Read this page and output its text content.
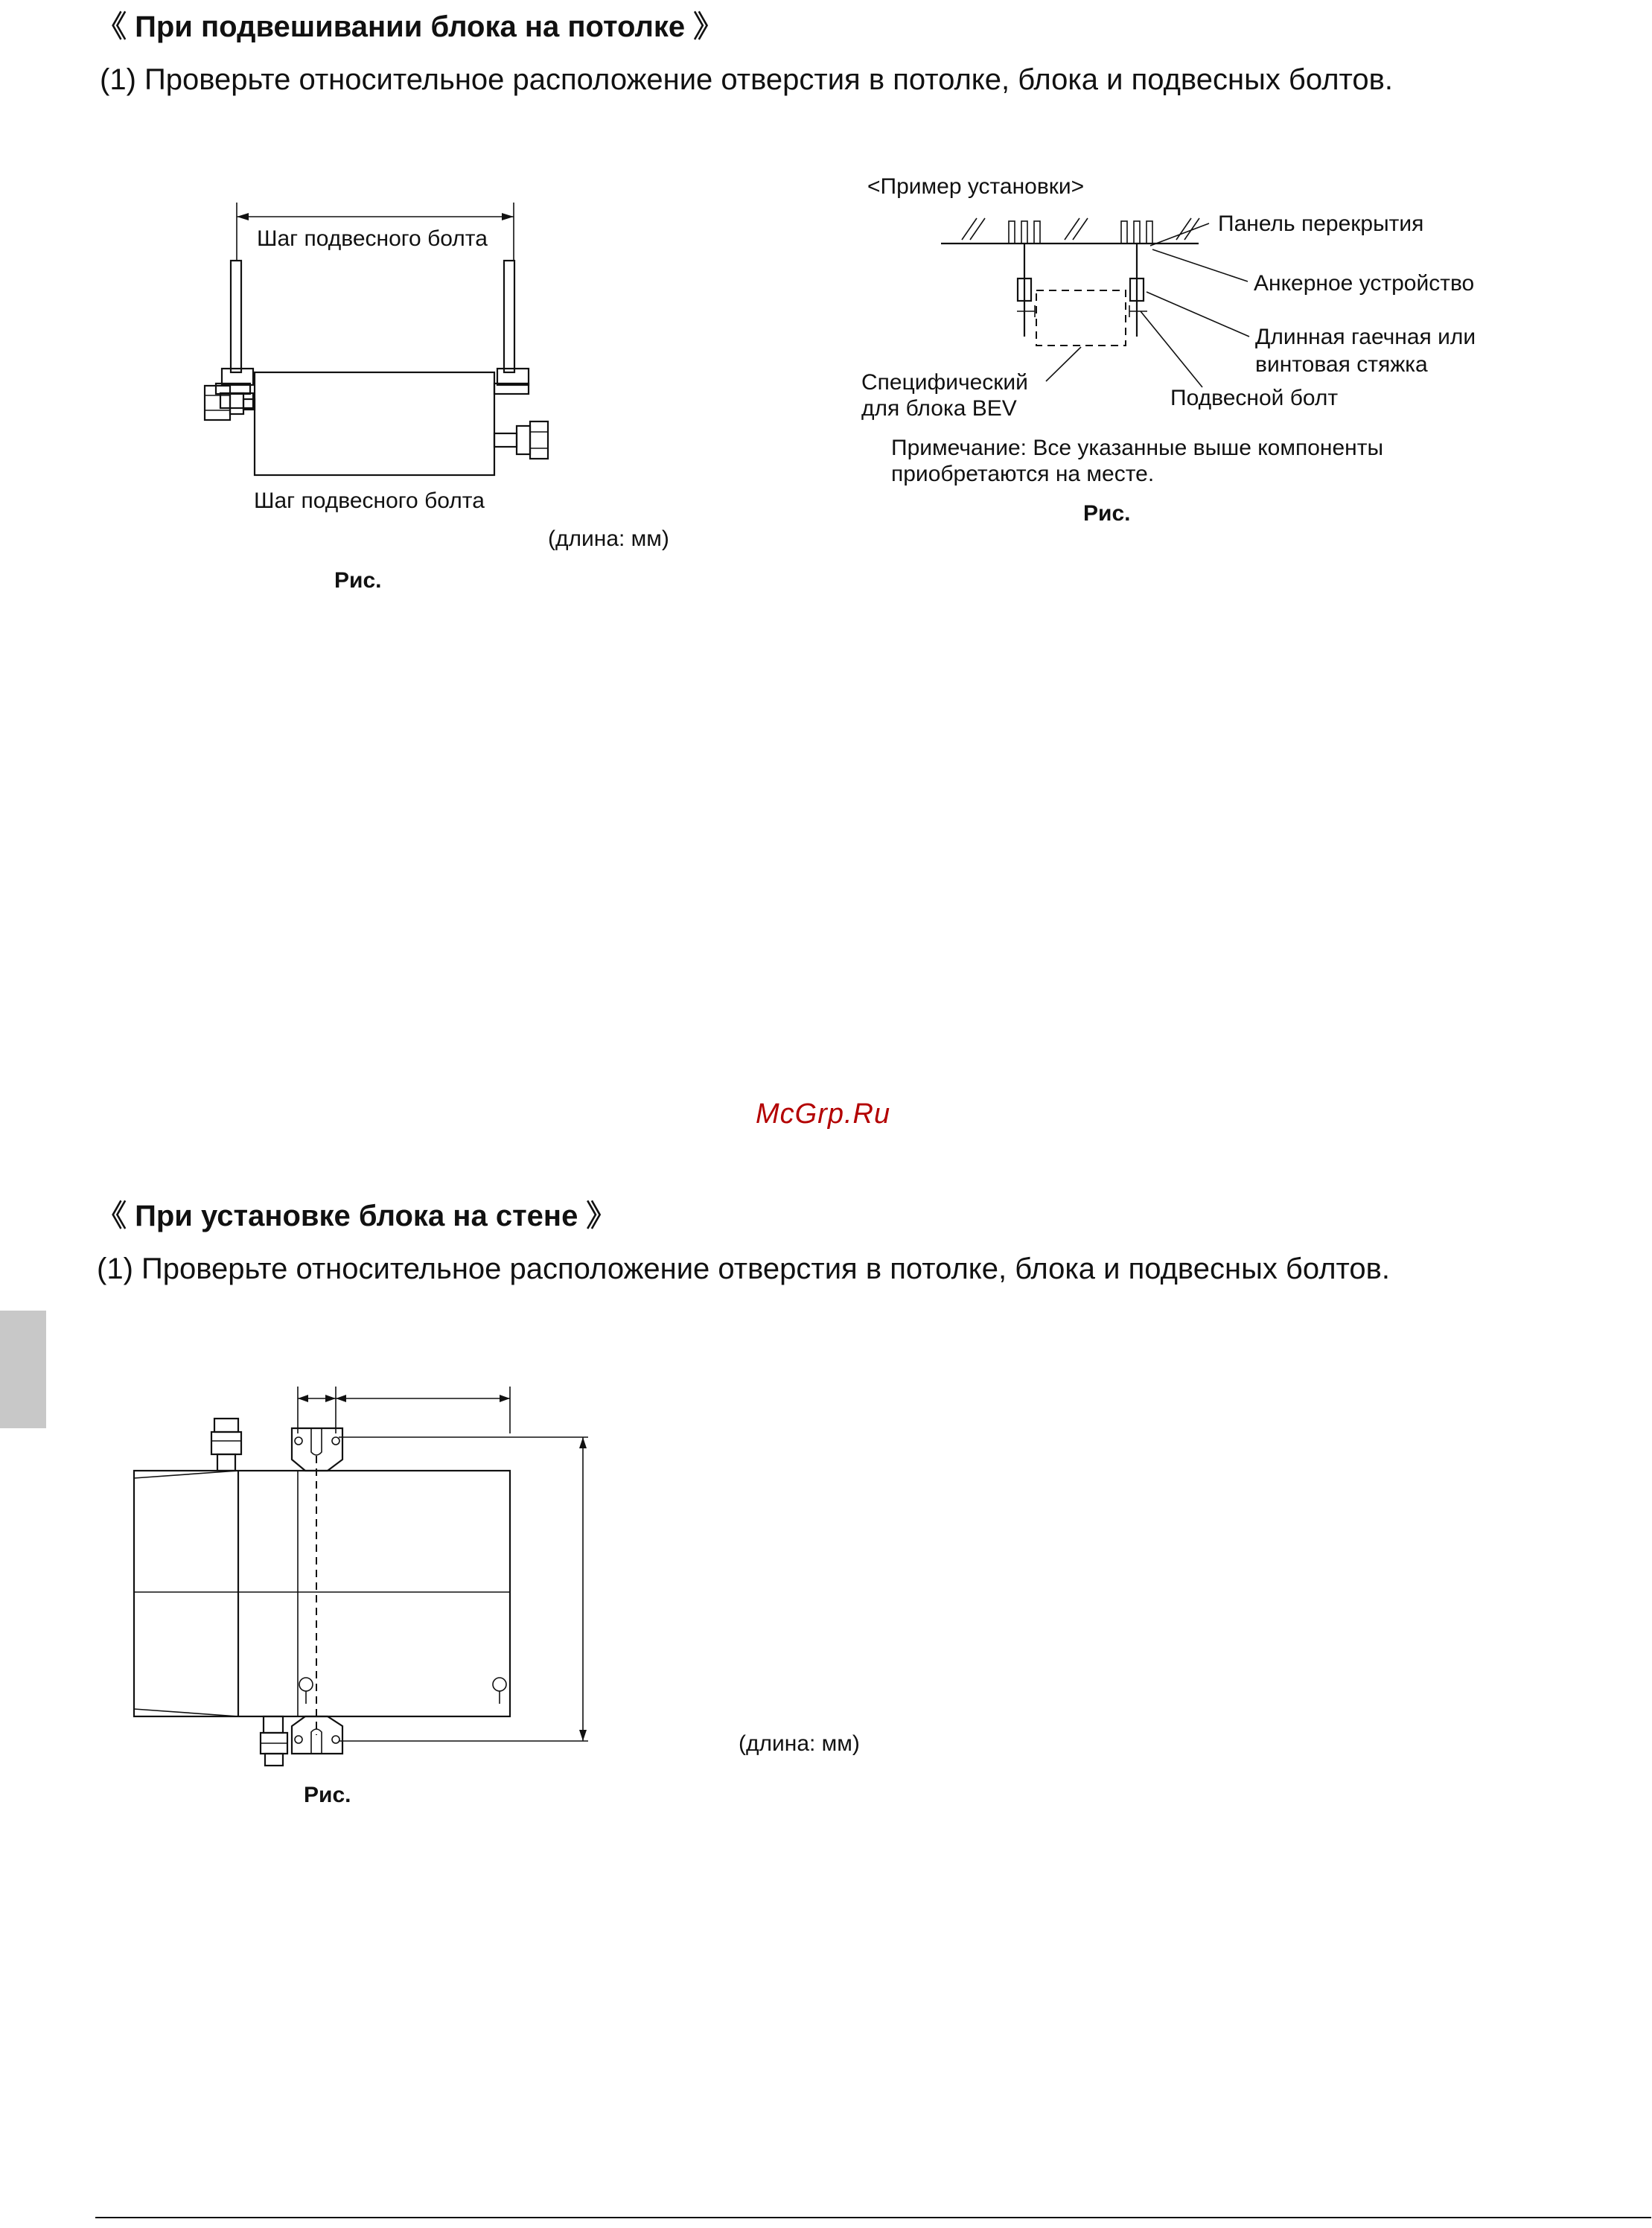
《 При подвешивании блока на потолке 》
(1) Проверьте относительное расположение отверстия в потолке, блока и подвесных болтов.
Шаг подвесного болта
Шаг подвесного болта
(длина: мм)
Рис.
<Пример установки>
Панель перекрытия
Анкерное устройство
Длинная гаечная или
винтовая стяжка
Специфический
для блока BEV	Подвесной болт
Примечание: Все указанные выше компоненты
приобретаются на месте.
Рис.
McGrp.Ru
《 При установке блока на стене 》
(1) Проверьте относительное расположение отверстия в потолке, блока и подвесных болтов.
(длина: мм)
Рис.
